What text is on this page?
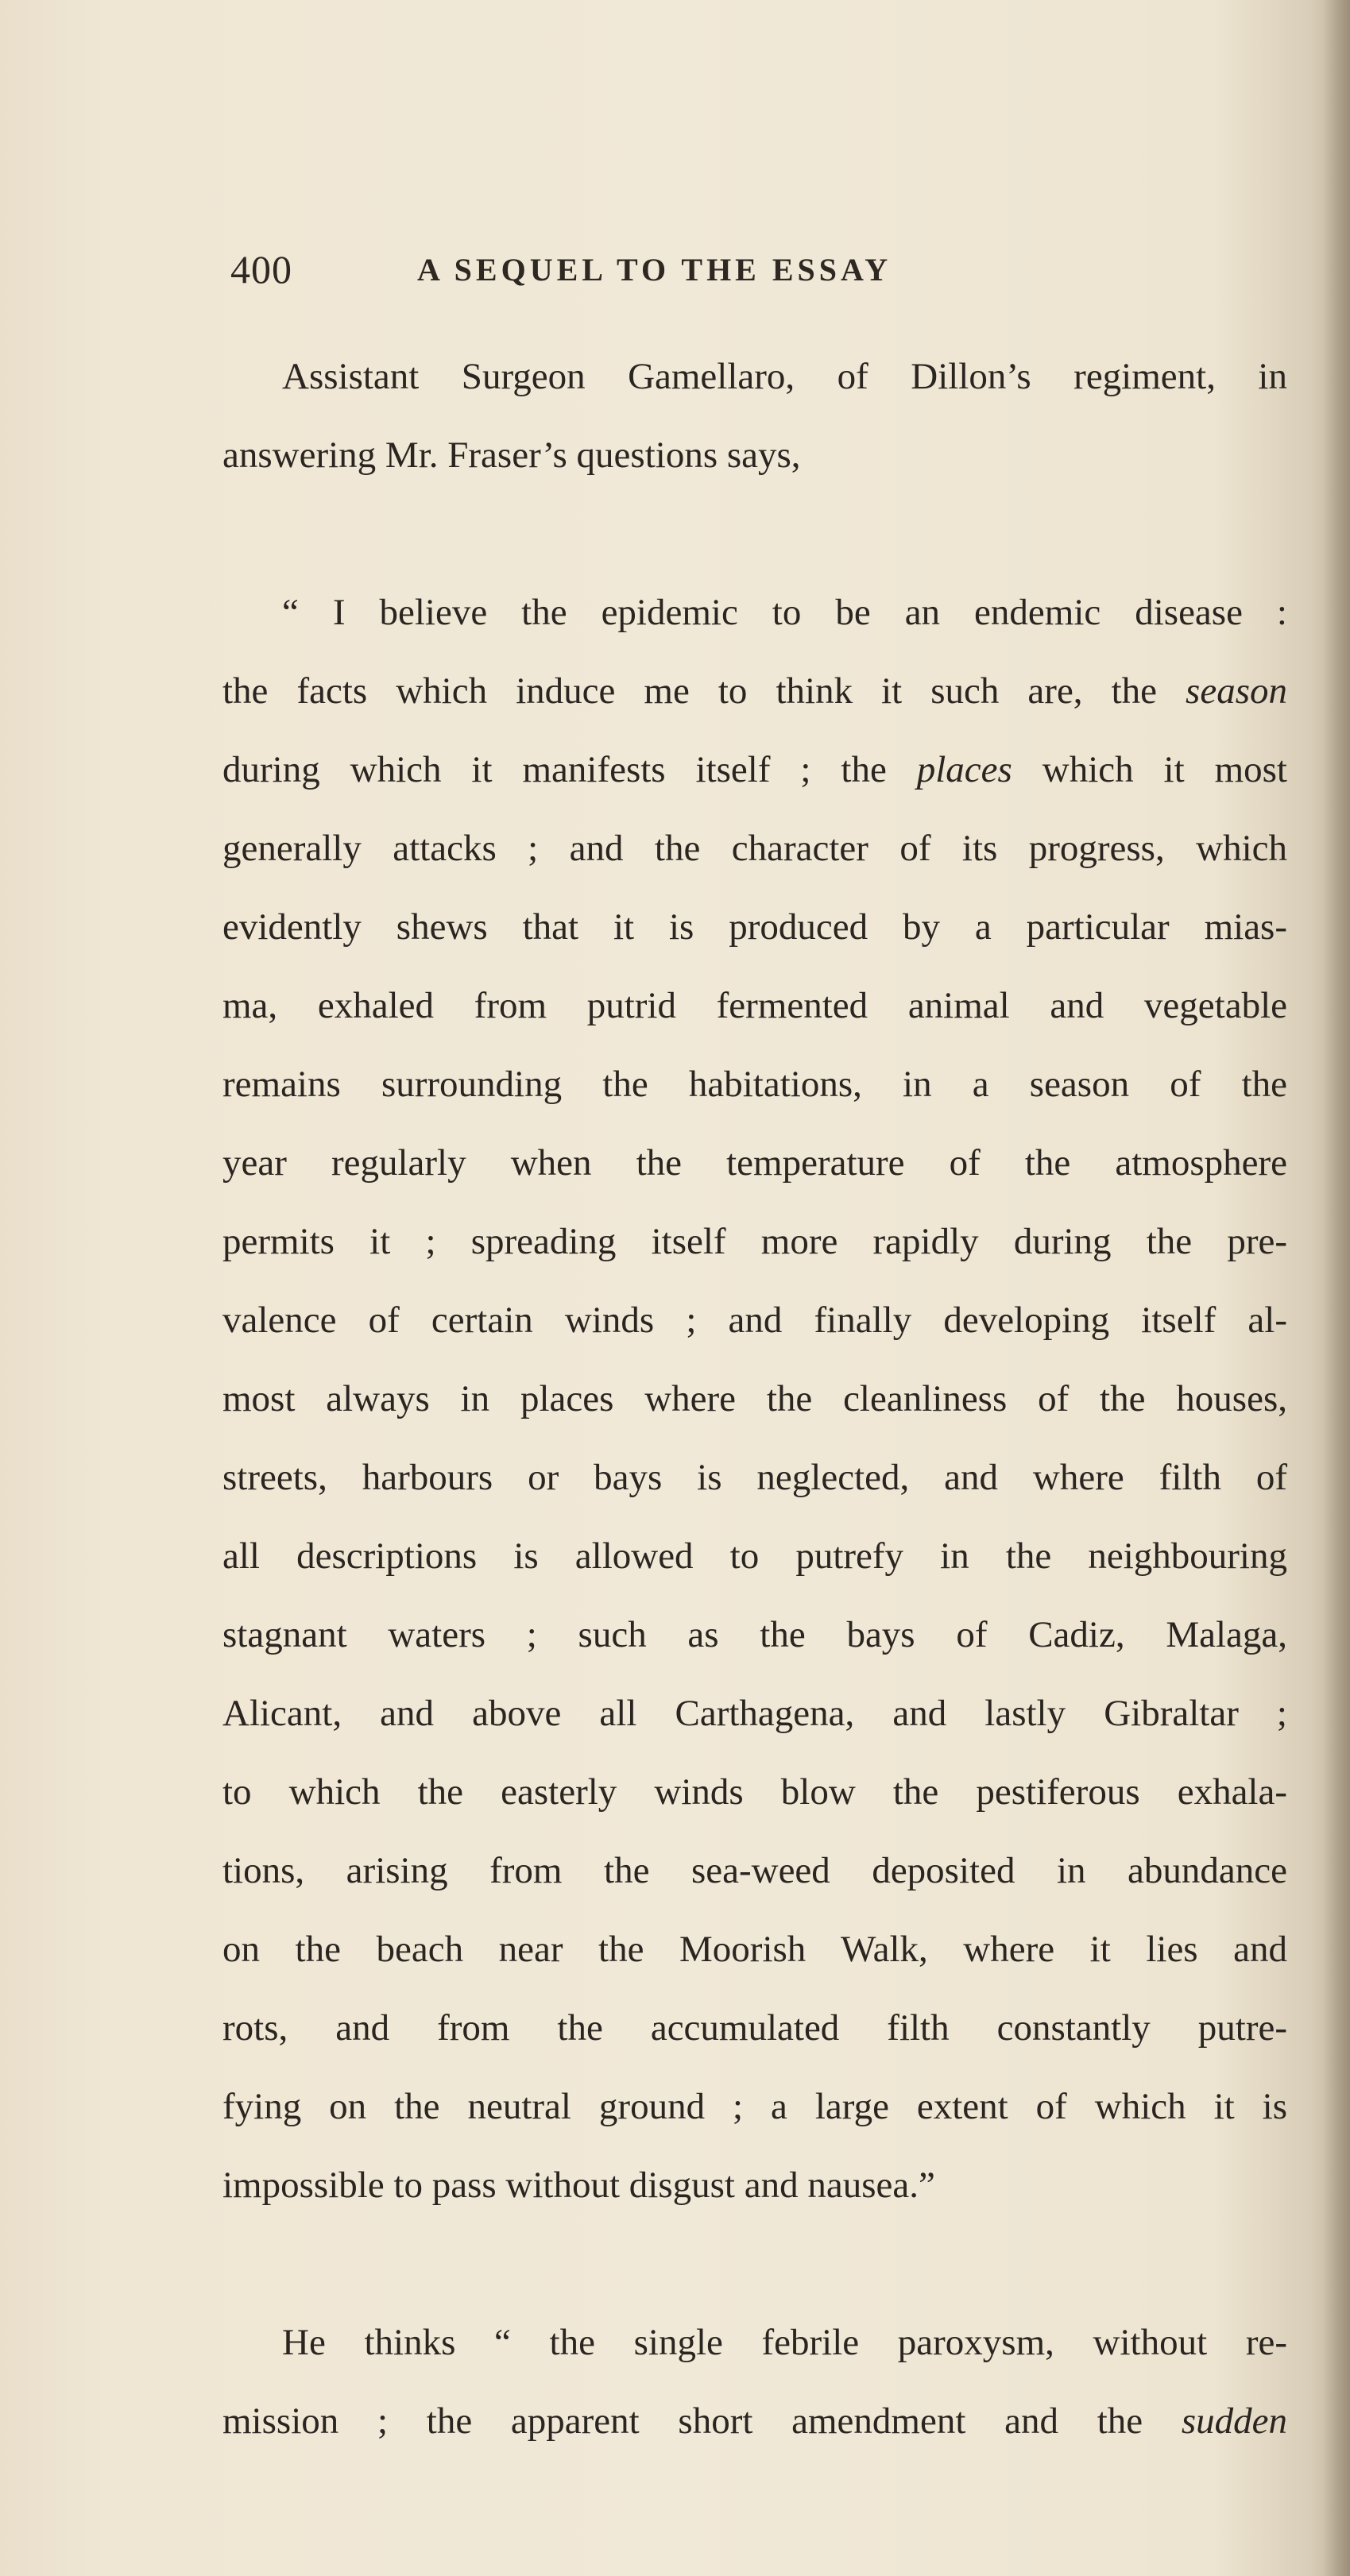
400	A SEQUEL TO THE ESSAY
Assistant Surgeon Gamellaro, of Dillon’s regiment, in
answering Mr. Fraser’s questions says,
“ I believe the epidemic to be an endemic disease :
the facts which induce me to think it such are, the season
during which it manifests itself ; the places which it most
generally attacks ; and the character of its progress, which
evidently shews that it is produced by a particular mias-
ma, exhaled from putrid fermented animal and vegetable
remains surrounding the habitations, in a season of the
year regularly when the temperature of the atmosphere
permits it ; spreading itself more rapidly during the pre-
valence of certain winds ; and finally developing itself al-
most always in places where the cleanliness of the houses,
streets, harbours or bays is neglected, and where filth of
all descriptions is allowed to putrefy in the neighbouring
stagnant waters ; such as the bays of Cadiz, Malaga,
Alicant, and above all Carthagena, and lastly Gibraltar ;
to which the easterly winds blow the pestiferous exhala-
tions, arising from the sea-weed deposited in abundance
on the beach near the Moorish Walk, where it lies and
rots, and from the accumulated filth constantly putre-
fying on the neutral ground ; a large extent of which it is
impossible to pass without disgust and nausea.”
He thinks “ the single febrile paroxysm, without re-
mission ; the apparent short amendment and the sudden
